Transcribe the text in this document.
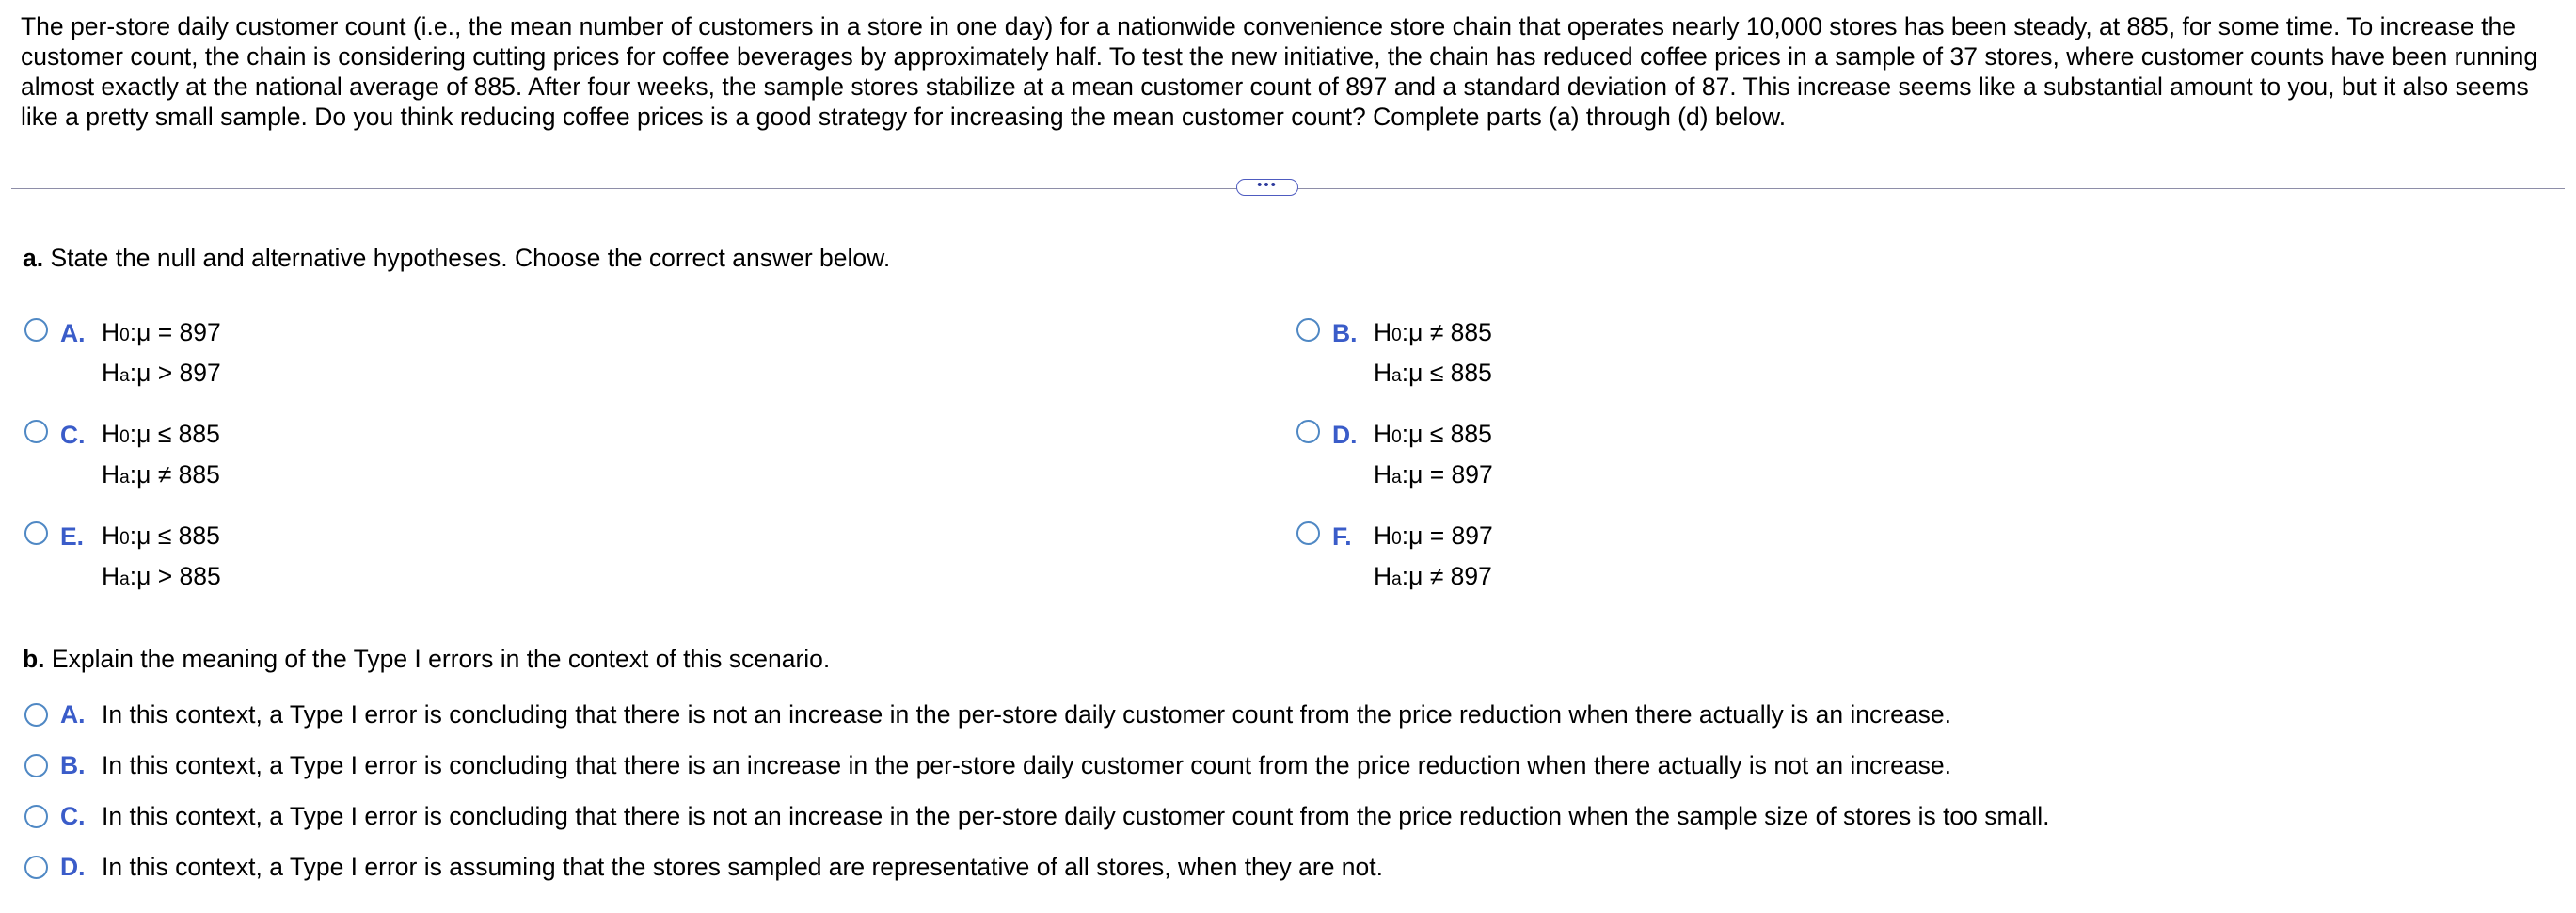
The per-store daily customer count (i.e., the mean number of customers in a store in one day) for a nationwide convenience store chain that operates nearly 10,000 stores has been steady, at 885, for some time. To increase the customer count, the chain is considering cutting prices for coffee beverages by approximately half. To test the new initiative, the chain has reduced coffee prices in a sample of 37 stores, where customer counts have been running almost exactly at the national average of 885. After four weeks, the sample stores stabilize at a mean customer count of 897 and a standard deviation of 87. This increase seems like a substantial amount to you, but it also seems like a pretty small sample. Do you think reducing coffee prices is a good strategy for increasing the mean customer count? Complete parts (a) through (d) below.

•••

a. State the null and alternative hypotheses. Choose the correct answer below.

A. H 0 :μ = 897
H a :μ > 897
B. H 0 :μ ≠ 885
H a :μ ≤ 885
C. H 0 :μ ≤ 885
H a :μ ≠ 885
D. H 0 :μ ≤ 885
H a :μ = 897
E. H 0 :μ ≤ 885
H a :μ > 885
F. H 0 :μ = 897
H a :μ ≠ 897

b. Explain the meaning of the Type I errors in the context of this scenario.

A. In this context, a Type I error is concluding that there is not an increase in the per-store daily customer count from the price reduction when there actually is an increase.
B. In this context, a Type I error is concluding that there is an increase in the per-store daily customer count from the price reduction when there actually is not an increase.
C. In this context, a Type I error is concluding that there is not an increase in the per-store daily customer count from the price reduction when the sample size of stores is too small.
D. In this context, a Type I error is assuming that the stores sampled are representative of all stores, when they are not.
